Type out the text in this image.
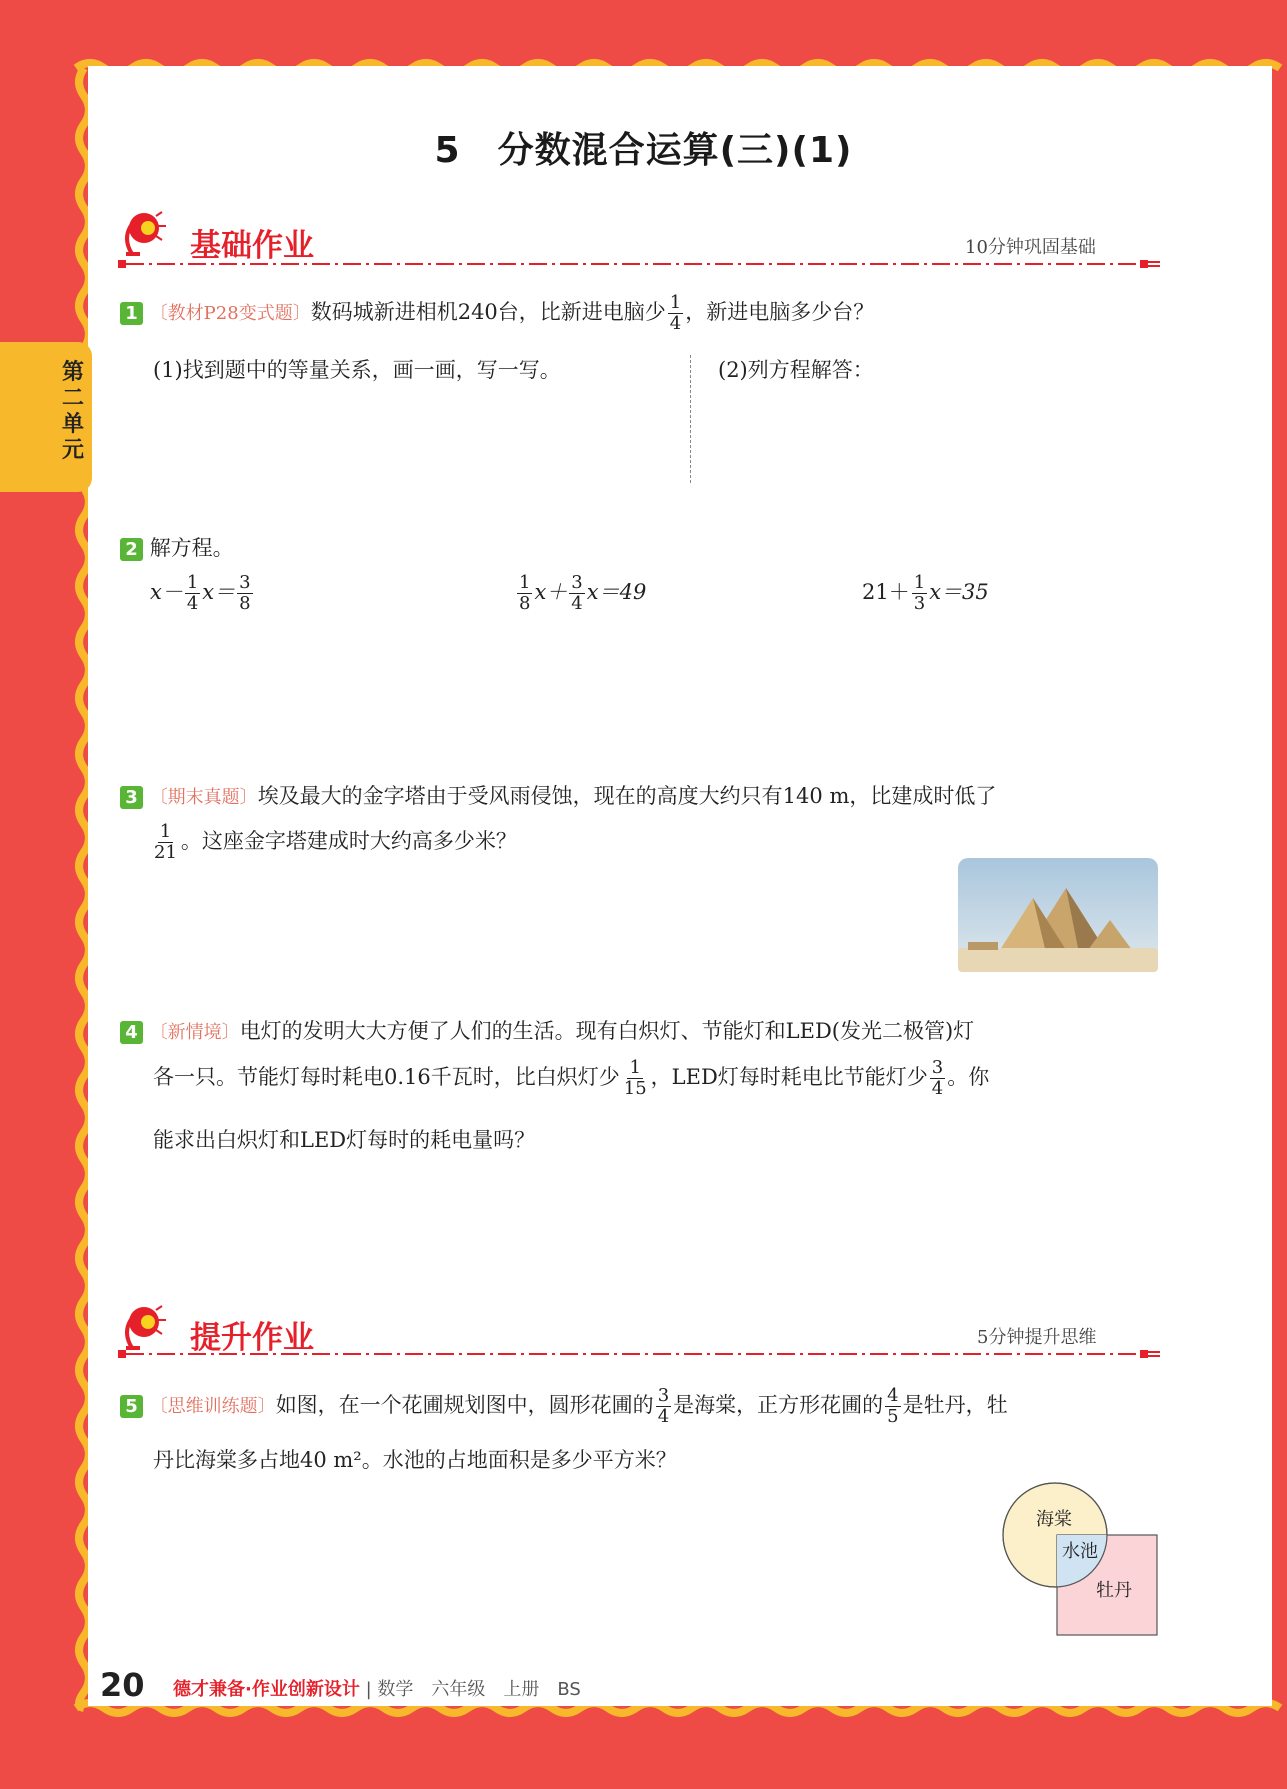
第
二
单
元
5　分数混合运算(三)(1)
基础作业	10分钟巩固基础
1 〔教材P28变式题〕数码城新进相机240台，比新进电脑少 $\frac{1}{4}$ ，新进电脑多少台？
(1)找到题中的等量关系，画一画，写一写。	(2)列方程解答：
2 解方程。
$x- \frac{1}{4} x= \frac{3}{8}$	$\frac{1}{8} x+ \frac{3}{4} x=49$	$21+ \frac{1}{3} x=35$
3 〔期末真题〕埃及最大的金字塔由于受风雨侵蚀，现在的高度大约只有140 m，比建成时低了
$\frac{1}{21}$ 。这座金字塔建成时大约高多少米？
4 〔新情境〕电灯的发明大大方便了人们的生活。现有白炽灯、节能灯和LED(发光二极管)灯
各一只。节能灯每时耗电0.16千瓦时，比白炽灯少 $\frac{1}{15}$ ，LED灯每时耗电比节能灯少 $\frac{3}{4}$ 。你
能求出白炽灯和LED灯每时的耗电量吗？
提升作业	5分钟提升思维
5 〔思维训练题〕如图，在一个花圃规划图中，圆形花圃的 $\frac{3}{4}$ 是海棠，正方形花圃的 $\frac{4}{5}$ 是牡丹，牡
丹比海棠多占地40 m²。水池的占地面积是多少平方米？
海棠
水池
牡丹
20 德才兼备·作业创新设计 | 数学　六年级　上册　BS
